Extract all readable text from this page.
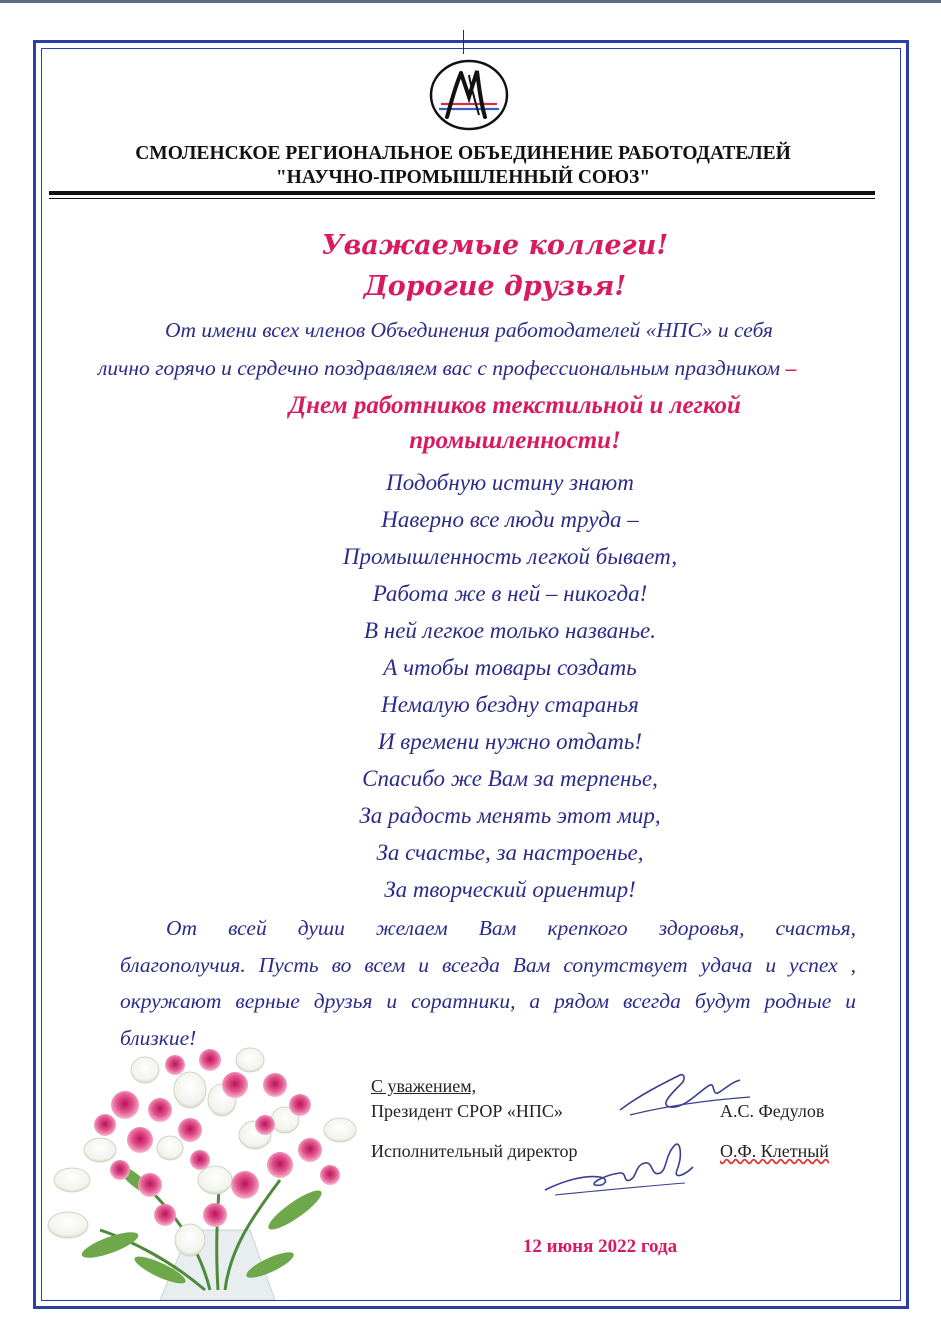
СМОЛЕНСКОЕ РЕГИОНАЛЬНОЕ ОБЪЕДИНЕНИЕ РАБОТОДАТЕЛЕЙ
"НАУЧНО-ПРОМЫШЛЕННЫЙ СОЮЗ"
Уважаемые коллеги!
Дорогие друзья!
От имени всех членов Объединения работодателей «НПС» и себя
лично горячо и сердечно поздравляем вас с профессиональным праздником –
Днем работников текстильной и легкой
промышленности!
Подобную истину знают
Наверно все люди труда –
Промышленность легкой бывает,
Работа же в ней – никогда!
В ней легкое только названье.
А чтобы товары создать
Немалую бездну старанья
И времени нужно отдать!
Спасибо же Вам за терпенье,
За радость менять этот мир,
За счастье, за настроенье,
За творческий ориентир!
От всей души желаем Вам крепкого здоровья, счастья,
благополучия. Пусть во всем и всегда Вам сопутствует удача и успех ,
окружают верные друзья и соратники, а рядом всегда будут родные и
близкие!
С уважением,
Президент СРОР «НПС»	А.С. Федулов
Исполнительный директор	О.Ф. Клетный
12 июня 2022 года
